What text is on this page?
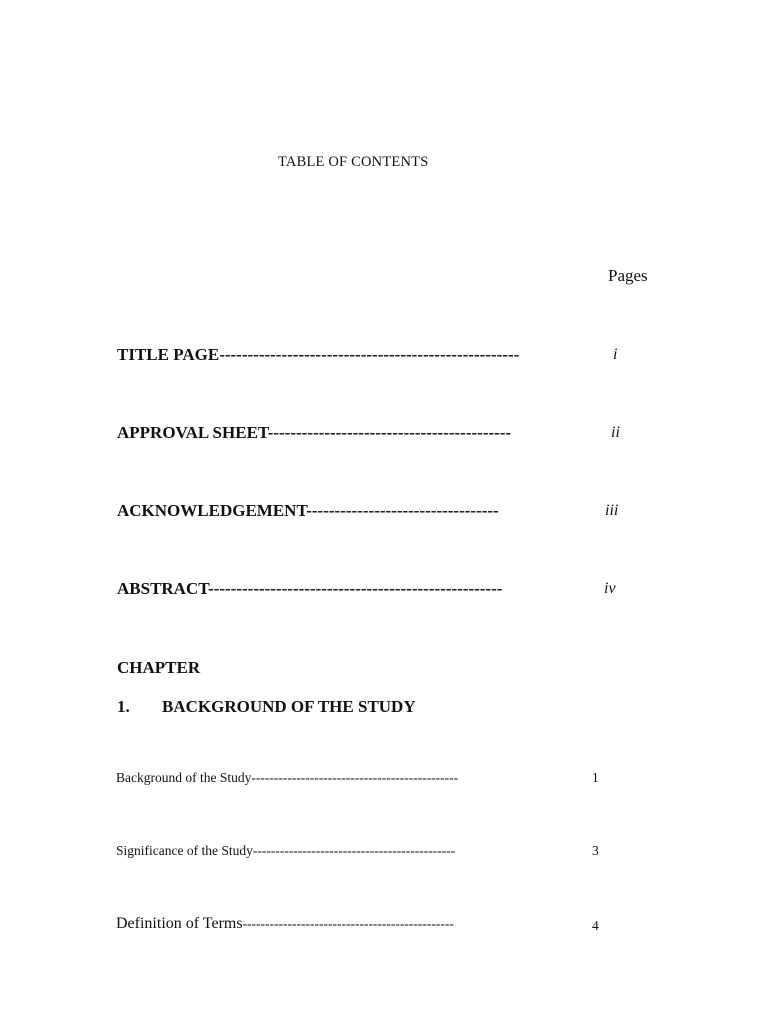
TABLE OF CONTENTS
Pages
TITLE PAGE-----------------------------------------------------	i
APPROVAL SHEET-------------------------------------------	ii
ACKNOWLEDGEMENT----------------------------------	iii
ABSTRACT----------------------------------------------------	iv
CHAPTER
1. BACKGROUND OF THE STUDY
Background of the Study----------------------------------------------	1
Significance of the Study---------------------------------------------	3
Definition of Terms-----------------------------------------------	4
